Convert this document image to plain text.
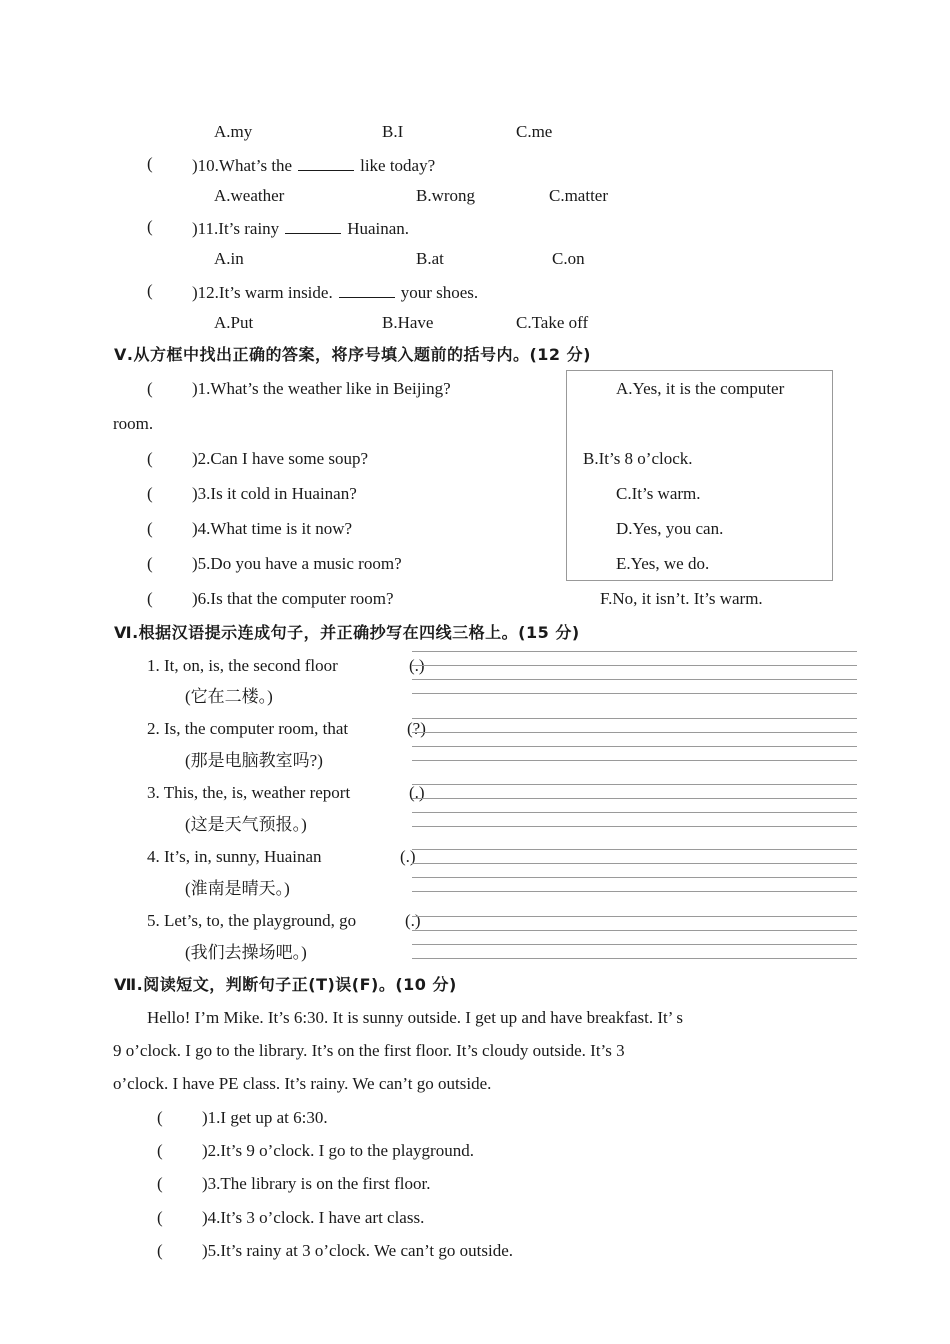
A.my	B.I	C.me
( )10.What’s the	like today?
A.weather	B.wrong	C.matter
( )11.It’s rainy	Huainan.
A.in	B.at	C.on
( )12.It’s warm inside.	your shoes.
A.Put	B.Have	C.Take off
Ⅴ.从方框中找出正确的答案，将序号填入题前的括号内。(12 分)
( )1.What’s the weather like in Beijing?	A.Yes, it is the computer
room.
( )2.Can I have some soup?	B.It’s 8 o’clock.
( )3.Is it cold in Huainan?	C.It’s warm.
( )4.What time is it now?	D.Yes, you can.
( )5.Do you have a music room?	E.Yes, we do.
( )6.Is that the computer room?	F.No, it isn’t. It’s warm.
Ⅵ.根据汉语提示连成句子，并正确抄写在四线三格上。(15 分)
1. It, on, is, the second floor	(.)
(它在二楼。)
2. Is, the computer room, that	(?)
(那是电脑教室吗?)
3. This, the, is, weather report	(.)
(这是天气预报。)
4. It’s, in, sunny, Huainan	(.)
(淮南是晴天。)
5. Let’s, to, the playground, go	(.)
(我们去操场吧。)
Ⅶ.阅读短文，判断句子正(T)误(F)。(10 分)
Hello! I’m Mike. It’s 6:30. It is sunny outside. I get up and have breakfast. It’ s
9 o’clock. I go to the library. It’s on the first floor. It’s cloudy outside. It’s 3
o’clock. I have PE class. It’s rainy. We can’t go outside.
( )1.I get up at 6:30.
( )2.It’s 9 o’clock. I go to the playground.
( )3.The library is on the first floor.
( )4.It’s 3 o’clock. I have art class.
( )5.It’s rainy at 3 o’clock. We can’t go outside.
